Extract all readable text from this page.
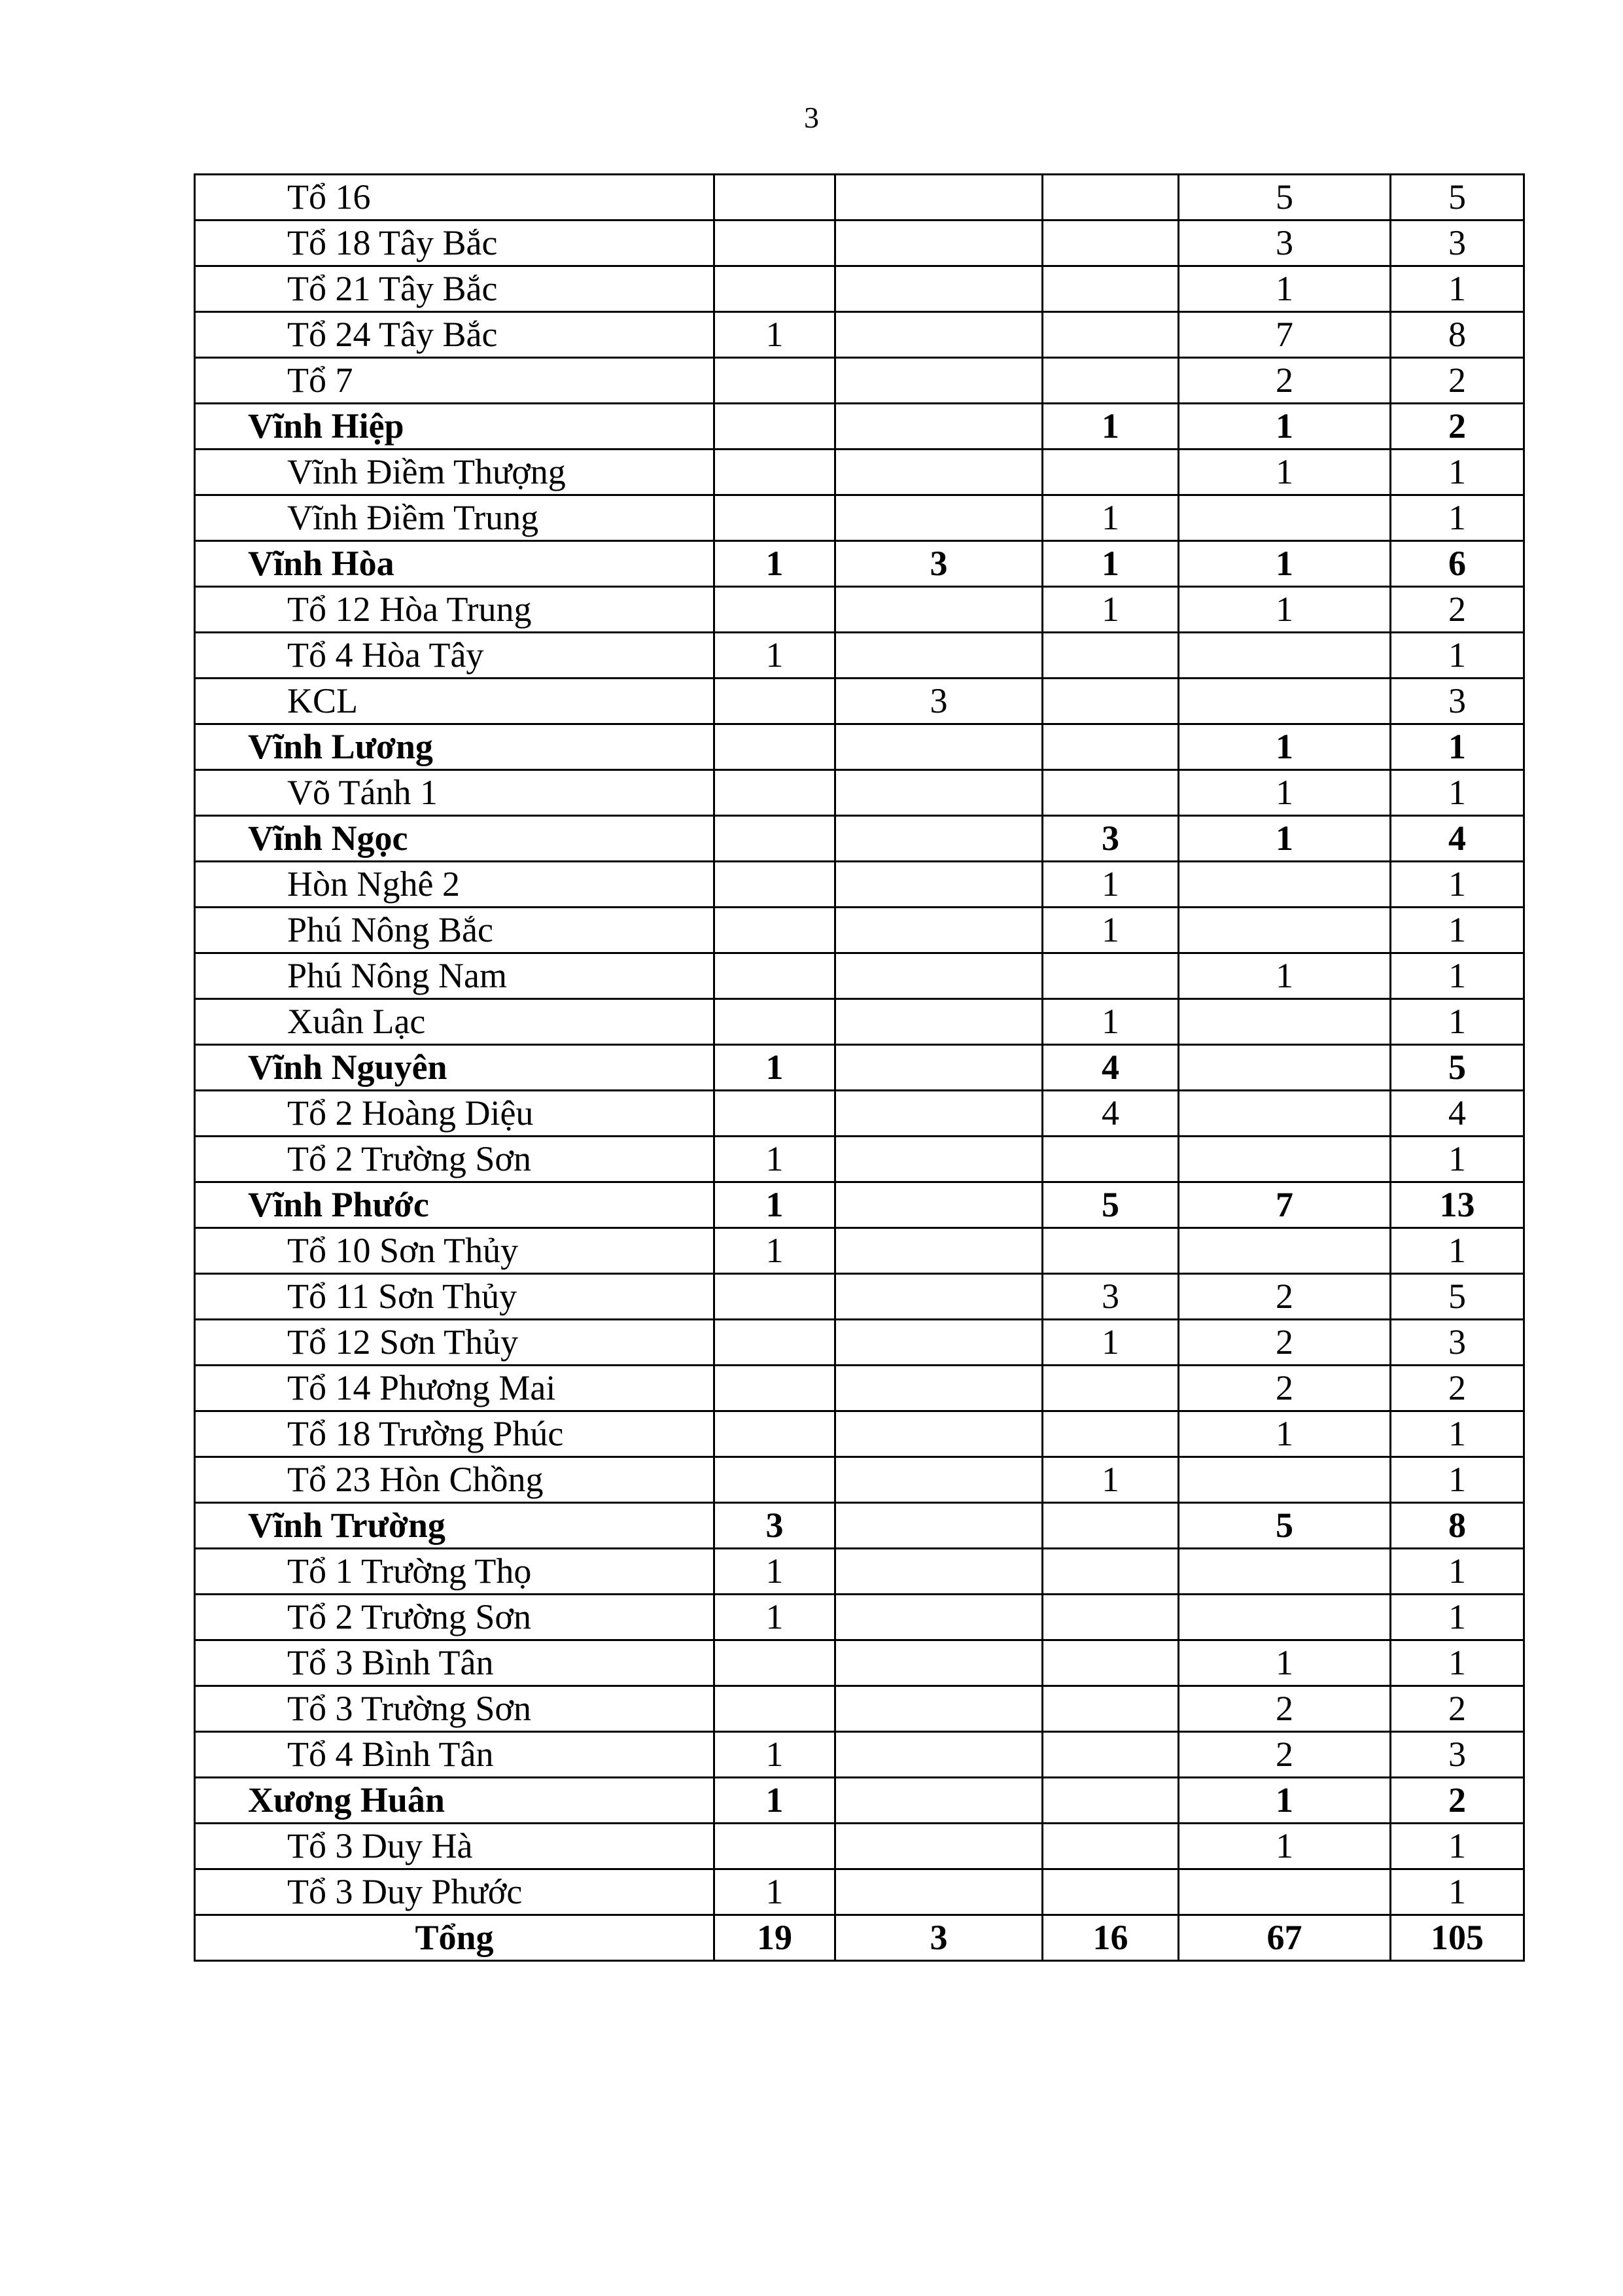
3
Tổ 16				5	5
Tổ 18 Tây Bắc				3	3
Tổ 21 Tây Bắc				1	1
Tổ 24 Tây Bắc	1			7	8
Tổ 7				2	2
Vĩnh Hiệp			1	1	2
Vĩnh Điềm Thượng				1	1
Vĩnh Điềm Trung			1		1
Vĩnh Hòa	1	3	1	1	6
Tổ 12 Hòa Trung			1	1	2
Tổ 4 Hòa Tây	1				1
KCL		3			3
Vĩnh Lương				1	1
Võ Tánh 1				1	1
Vĩnh Ngọc			3	1	4
Hòn Nghê 2			1		1
Phú Nông Bắc			1		1
Phú Nông Nam				1	1
Xuân Lạc			1		1
Vĩnh Nguyên	1		4		5
Tổ 2 Hoàng Diệu			4		4
Tổ 2 Trường Sơn	1				1
Vĩnh Phước	1		5	7	13
Tổ 10 Sơn Thủy	1				1
Tổ 11 Sơn Thủy			3	2	5
Tổ 12 Sơn Thủy			1	2	3
Tổ 14 Phương Mai				2	2
Tổ 18 Trường Phúc				1	1
Tổ 23 Hòn Chồng			1		1
Vĩnh Trường	3			5	8
Tổ 1 Trường Thọ	1				1
Tổ 2 Trường Sơn	1				1
Tổ 3 Bình Tân				1	1
Tổ 3 Trường Sơn				2	2
Tổ 4 Bình Tân	1			2	3
Xương Huân	1			1	2
Tổ 3 Duy Hà				1	1
Tổ 3 Duy Phước	1				1
Tổng	19	3	16	67	105
